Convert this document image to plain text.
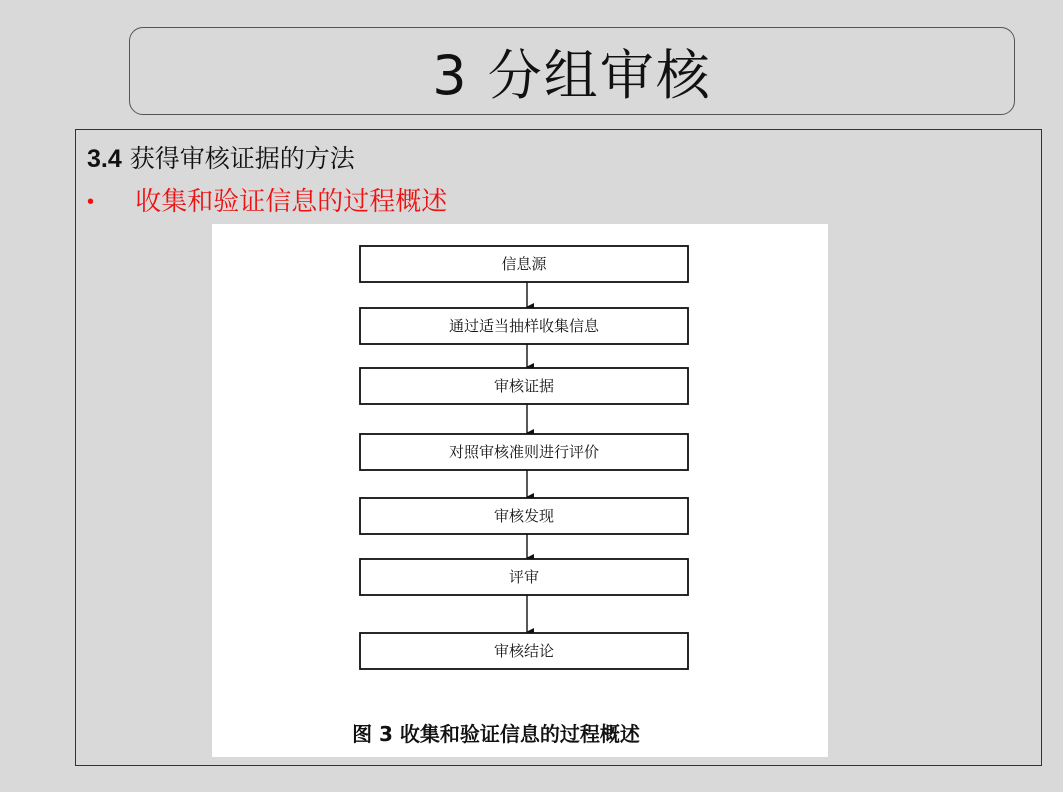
3 分组审核
3.4 获得审核证据的方法
• 收集和验证信息的过程概述
信息源
通过适当抽样收集信息
审核证据
对照审核准则进行评价
审核发现
评审
审核结论
图 3 收集和验证信息的过程概述
